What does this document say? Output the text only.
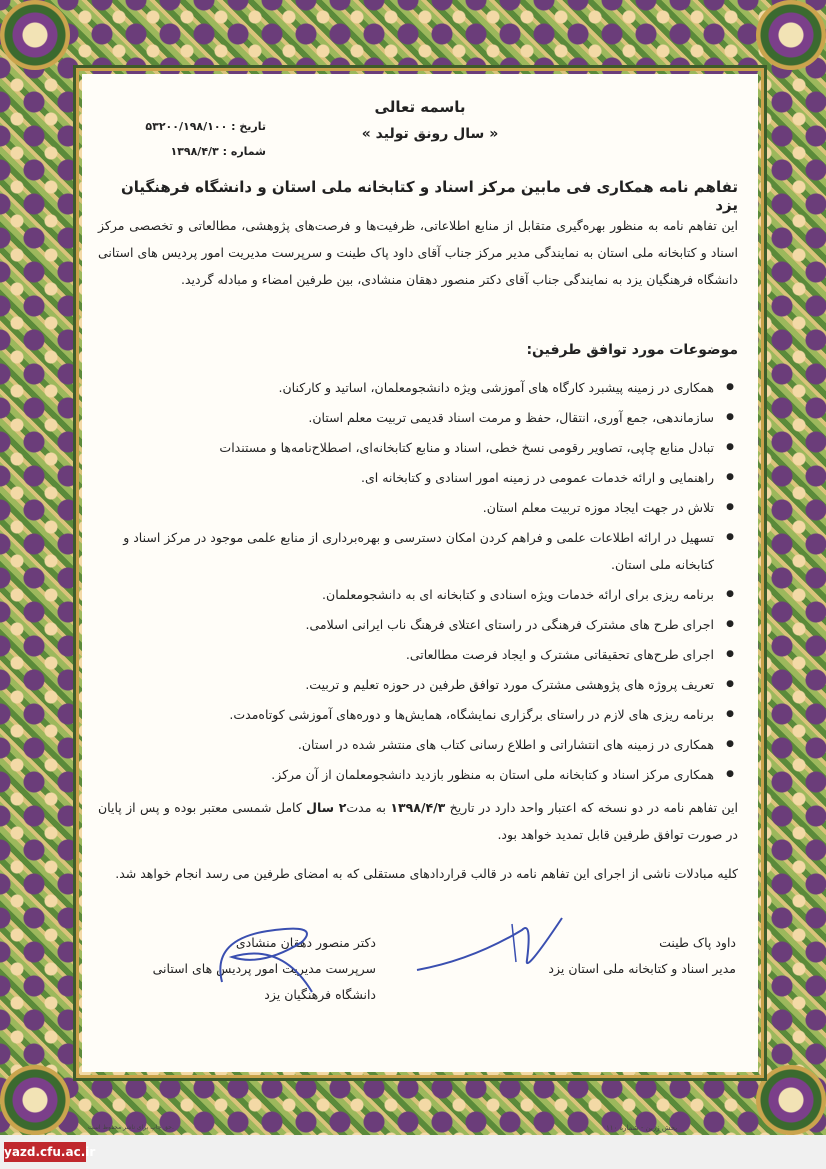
باسمه تعالی
« سال رونق تولید »
تاریخ : ۵۳۲۰۰/۱۹۸/۱۰۰
شماره : ۱۳۹۸/۴/۳
تفاهم نامه همکاری فی مابین مرکز اسناد و کتابخانه ملی استان و دانشگاه فرهنگیان یزد
این تفاهم نامه به منظور بهره‌گیری متقابل از منابع اطلاعاتی، ظرفیت‌ها و فرصت‌های پژوهشی، مطالعاتی و تخصصی مرکز اسناد و کتابخانه ملی استان به نمایندگی مدیر مرکز جناب آقای داود پاک طینت و سرپرست مدیریت امور پردیس های استانی دانشگاه فرهنگیان یزد به نمایندگی جناب آقای دکتر منصور دهقان منشادی، بین طرفین امضاء و مبادله گردید.
موضوعات مورد توافق طرفین:
● همکاری در زمینه پیشبرد کارگاه های آموزشی ویژه دانشجومعلمان، اساتید و کارکنان.
● سازماندهی، جمع آوری، انتقال، حفظ و مرمت اسناد قدیمی تربیت معلم استان.
● تبادل منابع چاپی، تصاویر رقومی نسخ خطی، اسناد و منابع کتابخانه‌ای، اصطلاح‌نامه‌ها و مستندات
● راهنمایی و ارائه خدمات عمومی در زمینه امور اسنادی و کتابخانه ای.
● تلاش در جهت ایجاد موزه تربیت معلم استان.
● تسهیل در ارائه اطلاعات علمی و فراهم کردن امکان دسترسی و بهره‌برداری از منابع علمی موجود در مرکز اسناد و کتابخانه ملی استان.
● برنامه ریزی برای ارائه خدمات ویژه اسنادی و کتابخانه ای به دانشجومعلمان.
● اجرای طرح های مشترک فرهنگی در راستای اعتلای فرهنگ ناب ایرانی اسلامی.
● اجرای طرح‌های تحقیقاتی مشترک و ایجاد فرصت مطالعاتی.
● تعریف پروژه های پژوهشی مشترک مورد توافق طرفین در حوزه تعلیم و تربیت.
● برنامه ریزی های لازم در راستای برگزاری نمایشگاه، همایش‌ها و دوره‌های آموزشی کوتاه‌مدت.
● همکاری در زمینه های انتشاراتی و اطلاع رسانی کتاب های منتشر شده در استان.
● همکاری مرکز اسناد و کتابخانه ملی استان به منظور بازدید دانشجومعلمان از آن مرکز.
این تفاهم نامه در دو نسخه که اعتبار واحد دارد در تاریخ ۱۳۹۸/۴/۳ به مدت۲ سال کامل شمسی معتبر بوده و پس از پایان در صورت توافق طرفین قابل تمدید خواهد بود.
کلیه مبادلات ناشی از اجرای این تفاهم نامه در قالب قراردادهای مستقلی که به امضای طرفین می رسد انجام خواهد شد.
داود پاک طینت
مدیر اسناد و کتابخانه ملی استان یزد
دکتر منصور دهقان منشادی
سرپرست مدیریت امور پردیس های استانی
دانشگاه فرهنگیان یزد
حق چاپ برای ناشر محفوظ است.	پخش زرین - شماره ۱۱۰
yazd.cfu.ac.ir
